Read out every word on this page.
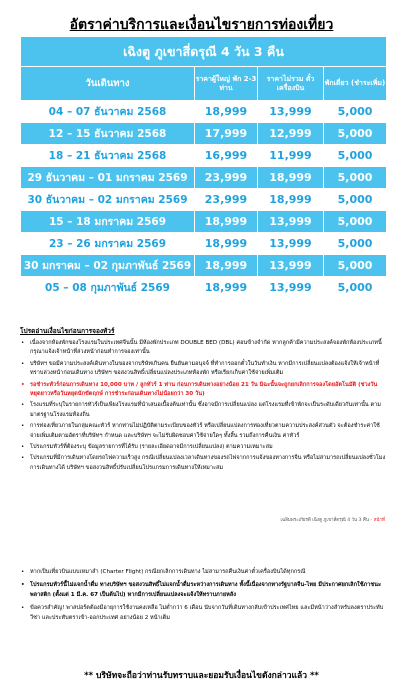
อัตราค่าบริการและเงื่อนไขรายการท่องเที่ยว
เฉิงตู ภูเขาสี่ดรุณี 4 วัน 3 คืน			
วันเดินทาง	ราคาผู้ใหญ่ พัก 2-3 ท่าน	ราคาไม่รวม ตั๋วเครื่องบิน	พักเดี่ยว (ชำระเพิ่ม)
04 – 07 ธันวาคม 2568	18,999	13,999	5,000
12 – 15 ธันวาคม 2568	17,999	12,999	5,000
18 – 21 ธันวาคม 2568	16,999	11,999	5,000
29 ธันวาคม – 01 มกราคม 2569	23,999	18,999	5,000
30 ธันวาคม – 02 มกราคม 2569	23,999	18,999	5,000
15 – 18 มกราคม 2569	18,999	13,999	5,000
23 – 26 มกราคม 2569	18,999	13,999	5,000
30 มกราคม – 02 กุมภาพันธ์ 2569	18,999	13,999	5,000
05 – 08 กุมภาพันธ์ 2569	18,999	13,999	5,000
โปรดอ่านเงื่อนไขก่อนการจองทัวร์
• เนื่องจากห้องพักของโรงแรมในประเทศจีนนั้น มีห้องพักประเภท DOUBLE BED (DBL) ค่อนข้างจำกัด หากลูกค้ามีความประสงค์จองพักห้องประเภทนี้ กรุณาแจ้งเจ้าหน้าที่ล่วงหน้าก่อนทำการจองเท่านั้น
• บริษัทฯ ขอมีความประสงค์เดินทางในของจากบริษัทเกินคน ยืนยันตามอนุจจ์ ที่ทำการออกตั๋วในวันทำเงิน หากมีการเปลี่ยนแปลงต้องแจ้งให้เจ้าหน้าที่ทราบล่วงหน้าก่อนเดินทาง บริษัทฯ ขอสงวนสิทธิ์เปลี่ยนแปลงประเภทห้องพัก หรือเรียกเก็บค่าใช้จ่ายเพิ่มเติม
• รอชำระทัวร์ก่อนการเดินทาง 10,000 บาท / ลูกทัวร์ 1 ท่าน ก่อนการเดินทางอย่างน้อย 21 วัน มิฉะนั้นจะถูกยกเลิกการจองโดยอัตโนมัติ (ช่วงวันหยุดยาวหรือวันหยุดนักขัตฤกษ์ การชำระก่อนเดินทางไม่น้อยกว่า 30 วัน)
• โรงแรมที่ระบุในรายการทัวร์เป็นเพียงโรงแรมที่นำเสนอเบื้องต้นเท่านั้น ซึ่งอาจมีการเปลี่ยนแปลง แต่โรงแรมที่เข้าพักจะเป็นระดับเดียวกันเท่านั้น ตามมาตรฐานโรงแรมท้องถิ่น
• การท่องเที่ยวภายในกลุ่มคณะทัวร์ หากท่านไม่ปฏิบัติตามระเบียบของทัวร์ หรือเปลี่ยนแปลงการท่องเที่ยวตามความประสงค์ส่วนตัว จะต้องชำระค่าใช้จ่ายเพิ่มเติมตามอัตราที่บริษัทฯ กำหนด และบริษัทฯ จะไม่รับผิดชอบค่าใช้จ่ายใดๆ ทั้งสิ้น รวมถึงการคืนเงิน ค่าทัวร์
• โปรแกรมทัวร์ที่ต้องระบุ ข้อมูลรายการที่ได้รับ (รายละเอียดอาจมีการเปลี่ยนแปลง) ตามความเหมาะสม
• โปรแกรมที่มีการเดินทางโดยรถไฟความเร็วสูง กรณีเปลี่ยนแปลงเวลาเดินทางของรถไฟจากการแจ้งของทางการจีน หรือไม่สามารถเปลี่ยนแปลงชั่วโมงการเดินทางได้ บริษัทฯ ขอสงวนสิทธิ์ปรับเปลี่ยนโปรแกรมการเดินทางให้เหมาะสม
เฉลิมพระเกียรติ เฉิงตู ภูเขาสี่ดรุณี 4 วัน 3 คืน - หน้าที่
• หากเป็นเที่ยวบินแบบเหมาลำ (Charter Flight) กรณียกเลิกการเดินทาง ไม่สามารถคืนเงินค่าตั๋วเครื่องบินได้ทุกกรณี
• โปรแกรมทัวร์นี้ไม่แจกน้ำดื่ม ทางบริษัทฯ ขอสงวนสิทธิ์ไม่แจกน้ำดื่มระหว่างการเดินทาง ทั้งนี้เนื่องจากทางรัฐบาลจีน-ไทย มีประกาศยกเลิกใช้ภาชนะพลาสติก (ตั้งแต่ 1 มี.ค. 67 เป็นต้นไป) หากมีการเปลี่ยนแปลงจะแจ้งให้ทราบภายหลัง
• ข้อควรสำคัญ! พาสปอร์ตต้องมีอายุการใช้งานคงเหลือ ไม่ต่ำกว่า 6 เดือน นับจากวันที่เดินทางกลับเข้าประเทศไทย และมีหน้าว่างสำหรับลงตราประทับวีซ่า และประทับตราเข้า-ออกประเทศ อย่างน้อย 2 หน้าเต็ม
** บริษัทจะถือว่าท่านรับทราบและยอมรับเงื่อนไขดังกล่าวแล้ว **
